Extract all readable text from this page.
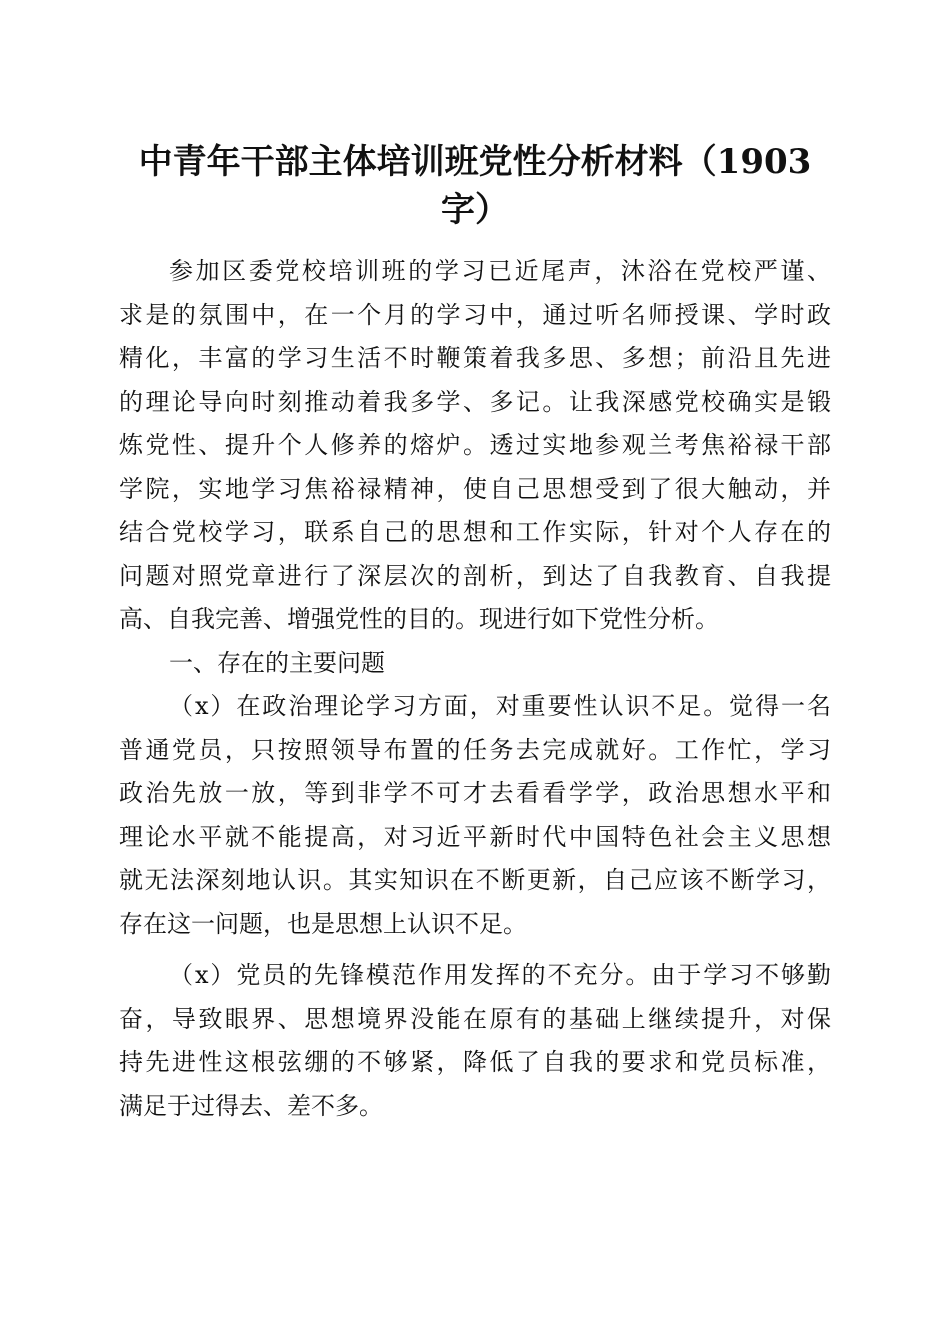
中青年干部主体培训班党性分析材料（1903
字）
参加区委党校培训班的学习已近尾声，沐浴在党校严谨、
求是的氛围中，在一个月的学习中，通过听名师授课、学时政
精化，丰富的学习生活不时鞭策着我多思、多想；前沿且先进
的理论导向时刻推动着我多学、多记。让我深感党校确实是锻
炼党性、提升个人修养的熔炉。透过实地参观兰考焦裕禄干部
学院，实地学习焦裕禄精神，使自己思想受到了很大触动，并
结合党校学习，联系自己的思想和工作实际，针对个人存在的
问题对照党章进行了深层次的剖析，到达了自我教育、自我提
高、自我完善、增强党性的目的。现进行如下党性分析。
一、存在的主要问题
（x）在政治理论学习方面，对重要性认识不足。觉得一名
普通党员，只按照领导布置的任务去完成就好。工作忙，学习
政治先放一放，等到非学不可才去看看学学，政治思想水平和
理论水平就不能提高，对习近平新时代中国特色社会主义思想
就无法深刻地认识。其实知识在不断更新，自己应该不断学习，
存在这一问题，也是思想上认识不足。
（x）党员的先锋模范作用发挥的不充分。由于学习不够勤
奋，导致眼界、思想境界没能在原有的基础上继续提升，对保
持先进性这根弦绷的不够紧，降低了自我的要求和党员标准，
满足于过得去、差不多。
